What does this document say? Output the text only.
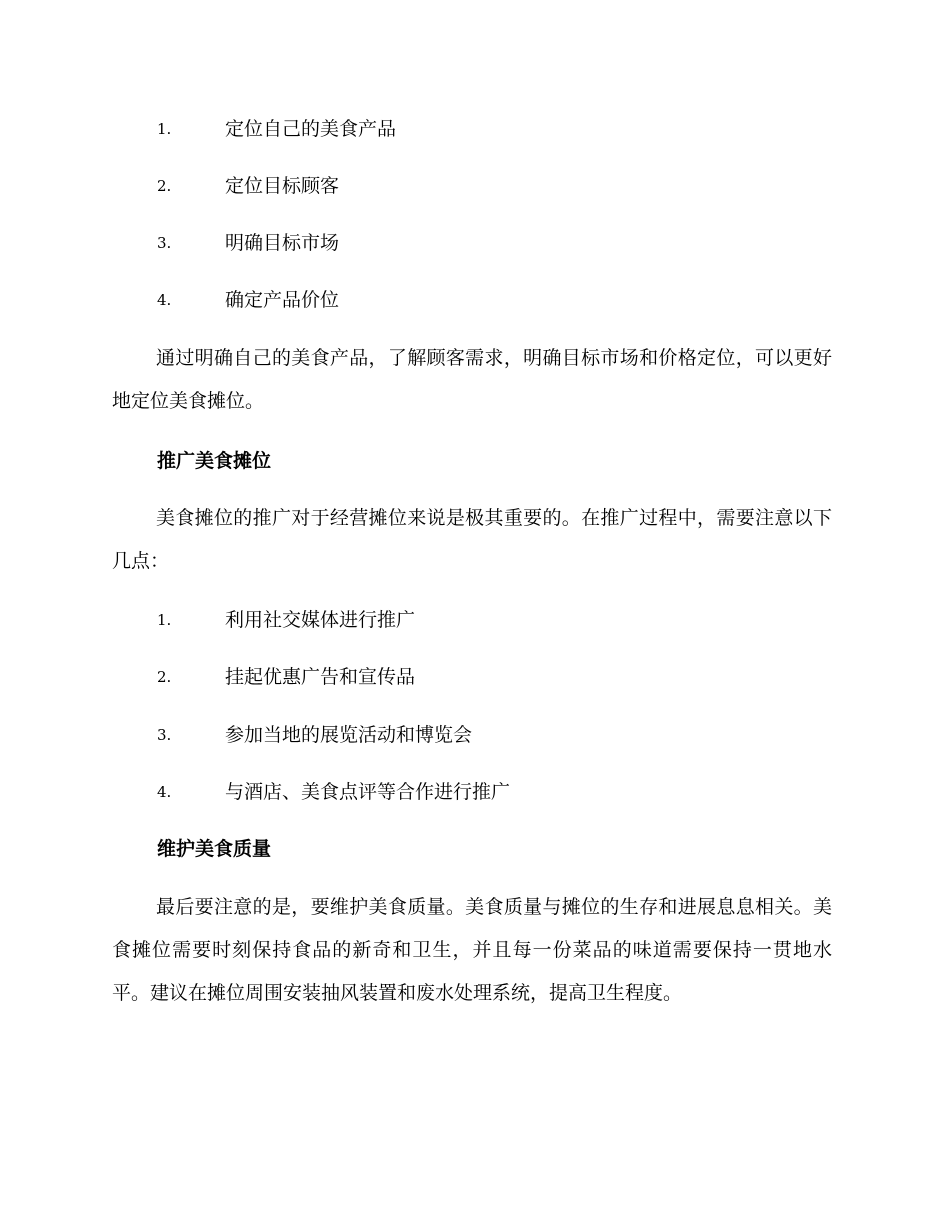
1.	定位自己的美食产品
2.	定位目标顾客
3.	明确目标市场
4.	确定产品价位

通过明确自己的美食产品，了解顾客需求，明确目标市场和价格定位，可以更好地定位美食摊位。

推广美食摊位

美食摊位的推广对于经营摊位来说是极其重要的。在推广过程中，需要注意以下几点：

1.	利用社交媒体进行推广
2.	挂起优惠广告和宣传品
3.	参加当地的展览活动和博览会
4.	与酒店、美食点评等合作进行推广
维护美食质量

最后要注意的是，要维护美食质量。美食质量与摊位的生存和进展息息相关。美食摊位需要时刻保持食品的新奇和卫生，并且每一份菜品的味道需要保持一贯地水平。建议在摊位周围安装抽风装置和废水处理系统，提高卫生程度。
